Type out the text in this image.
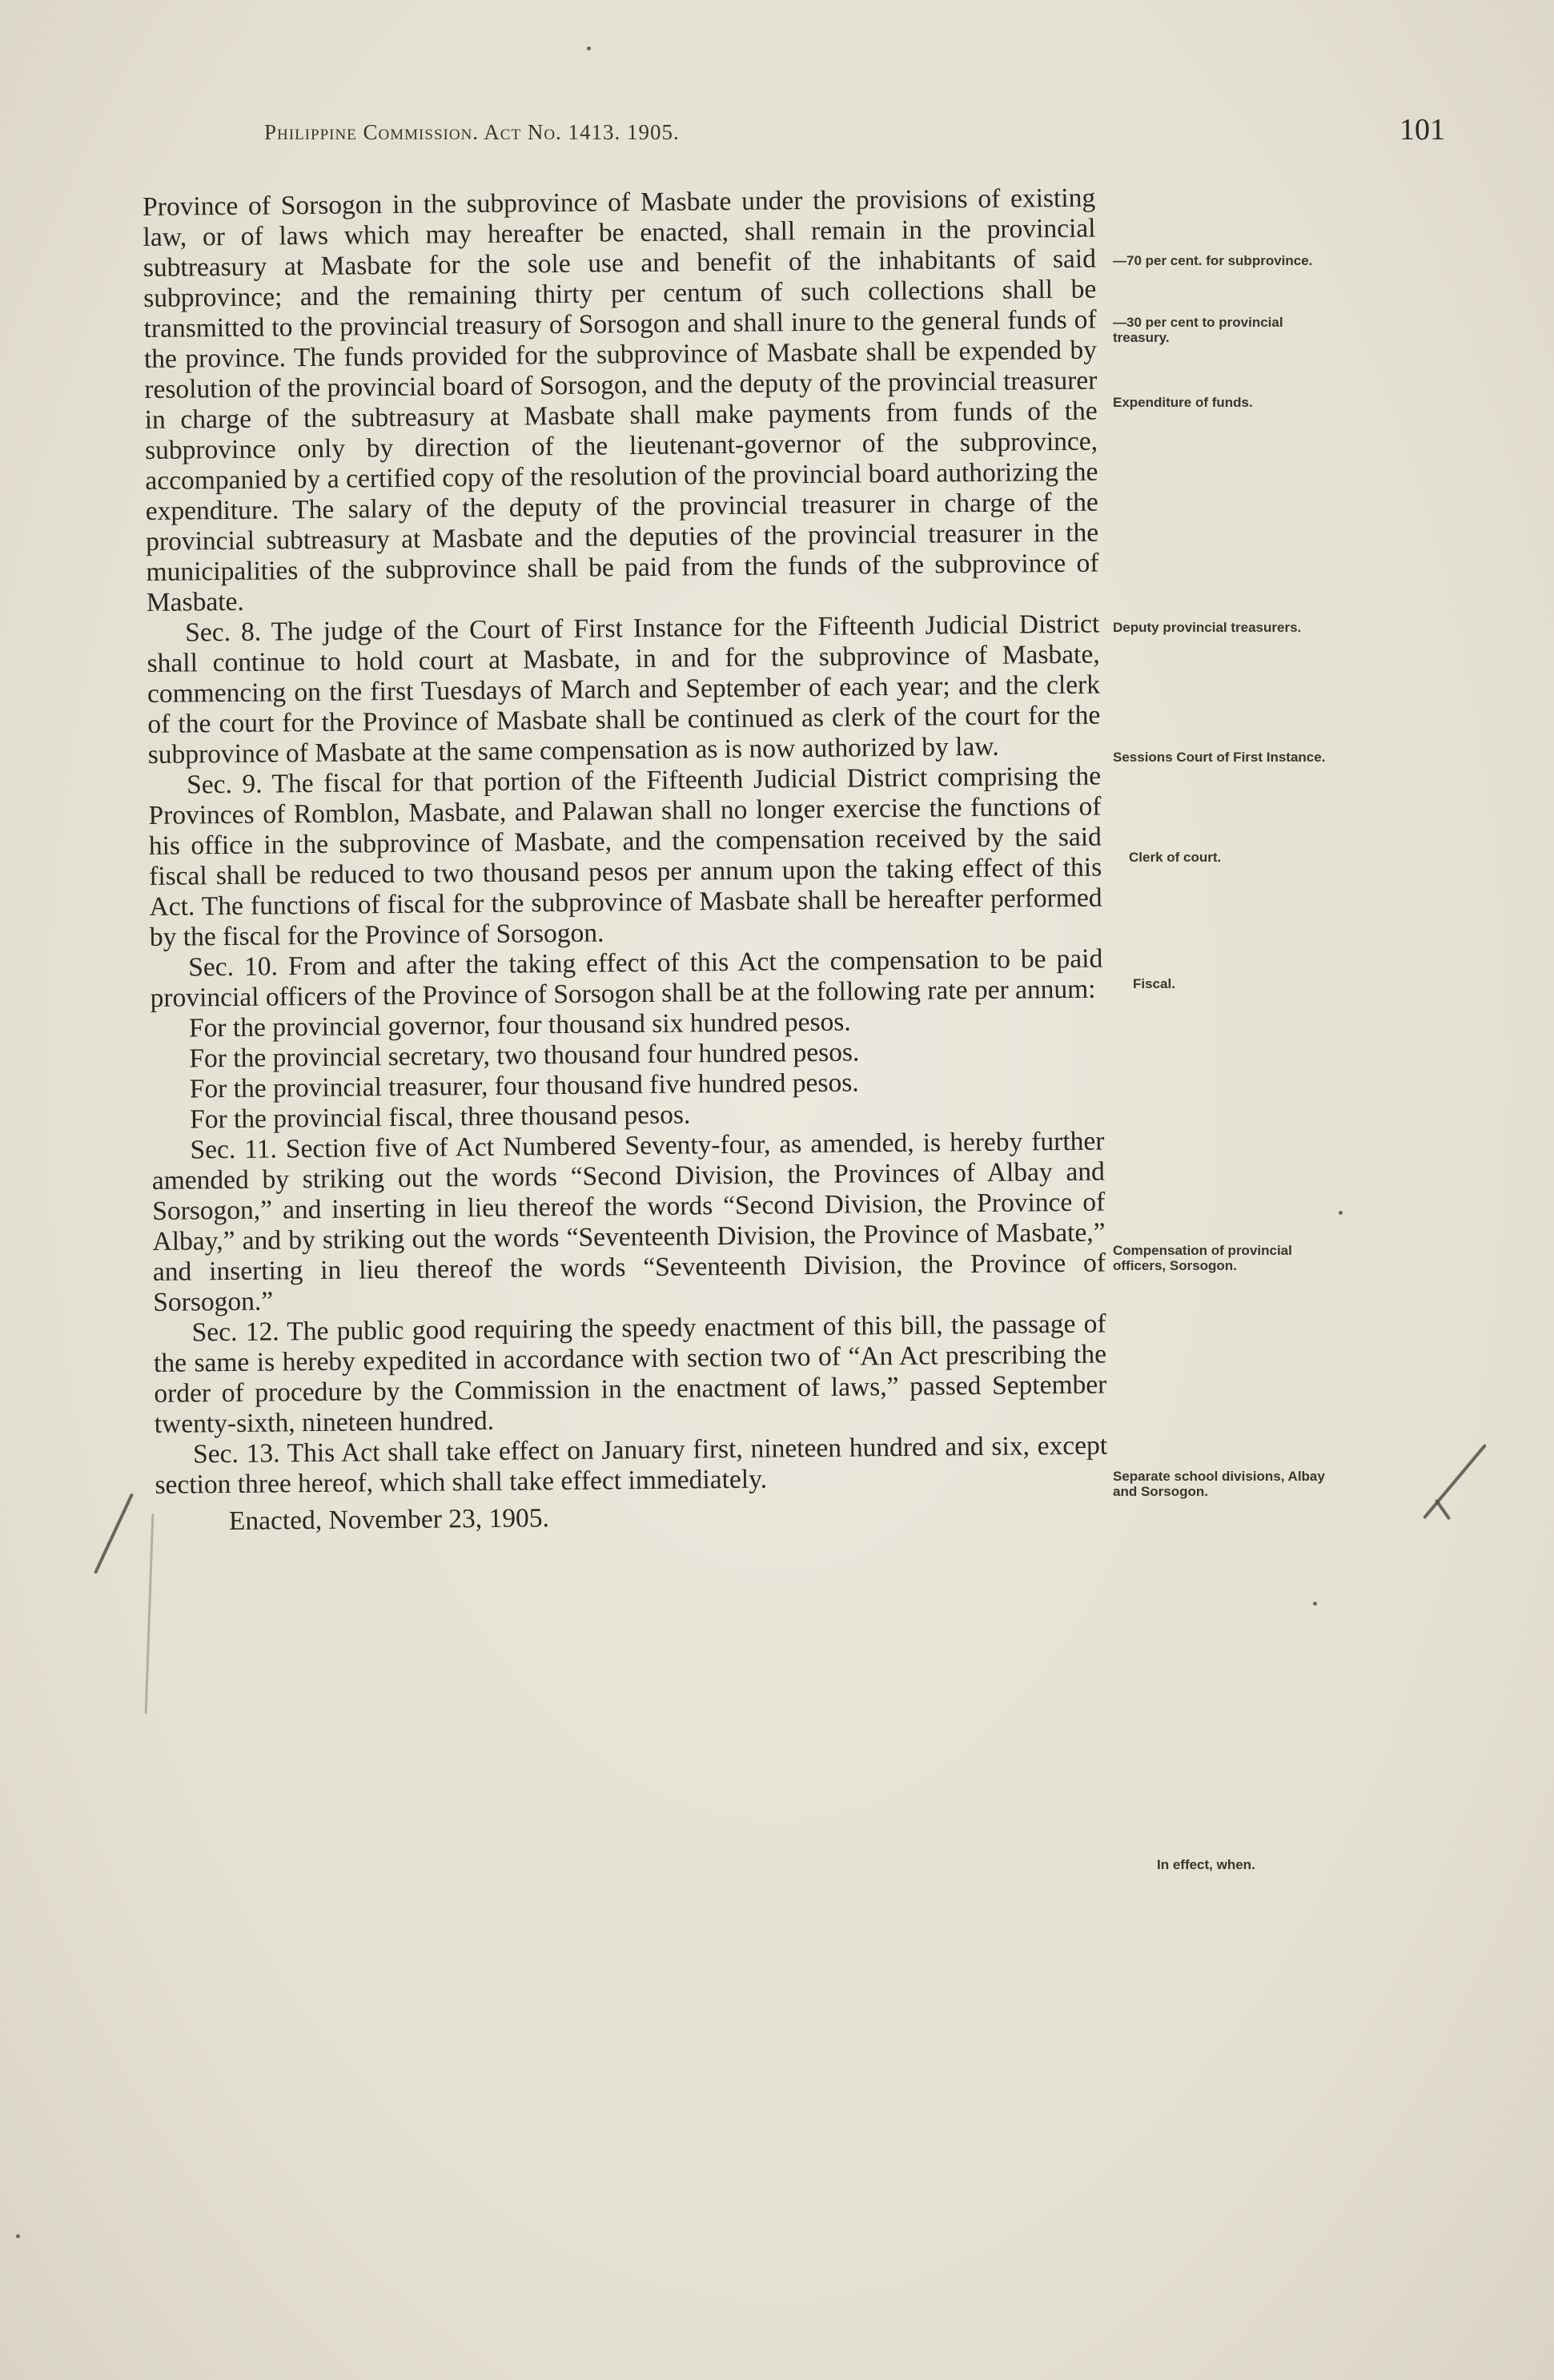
Philippine Commission. Act No. 1413. 1905.	101

Province of Sorsogon in the subprovince of Masbate under the provisions of existing law, or of laws which may hereafter be enacted, shall remain in the provincial subtreasury at Masbate for the sole use and benefit of the inhabitants of said subprovince; and the remaining thirty per centum of such collections shall be transmitted to the provincial treasury of Sorsogon and shall inure to the general funds of the province. The funds provided for the subprovince of Masbate shall be expended by resolution of the provincial board of Sorsogon, and the deputy of the provincial treasurer in charge of the subtreasury at Masbate shall make payments from funds of the subprovince only by direction of the lieutenant-governor of the subprovince, accompanied by a certified copy of the resolution of the provincial board authorizing the expenditure. The salary of the deputy of the provincial treasurer in charge of the provincial subtreasury at Masbate and the deputies of the provincial treasurer in the municipalities of the subprovince shall be paid from the funds of the subprovince of Masbate.

Sec. 8. The judge of the Court of First Instance for the Fifteenth Judicial District shall continue to hold court at Masbate, in and for the subprovince of Masbate, commencing on the first Tuesdays of March and September of each year; and the clerk of the court for the Province of Masbate shall be continued as clerk of the court for the subprovince of Masbate at the same compensation as is now authorized by law.

Sec. 9. The fiscal for that portion of the Fifteenth Judicial District comprising the Provinces of Romblon, Masbate, and Palawan shall no longer exercise the functions of his office in the subprovince of Masbate, and the compensation received by the said fiscal shall be reduced to two thousand pesos per annum upon the taking effect of this Act. The functions of fiscal for the subprovince of Masbate shall be hereafter performed by the fiscal for the Province of Sorsogon.

Sec. 10. From and after the taking effect of this Act the compensation to be paid provincial officers of the Province of Sorsogon shall be at the following rate per annum:

For the provincial governor, four thousand six hundred pesos.

For the provincial secretary, two thousand four hundred pesos.

For the provincial treasurer, four thousand five hundred pesos.

For the provincial fiscal, three thousand pesos.

Sec. 11. Section five of Act Numbered Seventy-four, as amended, is hereby further amended by striking out the words “Second Division, the Provinces of Albay and Sorsogon,” and inserting in lieu thereof the words “Second Division, the Province of Albay,” and by striking out the words “Seventeenth Division, the Province of Masbate,” and inserting in lieu thereof the words “Seventeenth Division, the Province of Sorsogon.”

Sec. 12. The public good requiring the speedy enactment of this bill, the passage of the same is hereby expedited in accordance with section two of “An Act prescribing the order of procedure by the Commission in the enactment of laws,” passed September twenty-sixth, nineteen hundred.

Sec. 13. This Act shall take effect on January first, nineteen hundred and six, except section three hereof, which shall take effect immediately.

Enacted, November 23, 1905.

—70 per cent. for subprovince.
—30 per cent to provincial treasury.
Expenditure of funds.
Deputy provincial treasurers.
Sessions Court of First Instance.
Clerk of court.
Fiscal.
Compensation of provincial officers, Sorsogon.
Separate school divisions, Albay and Sorsogon.
In effect, when.
